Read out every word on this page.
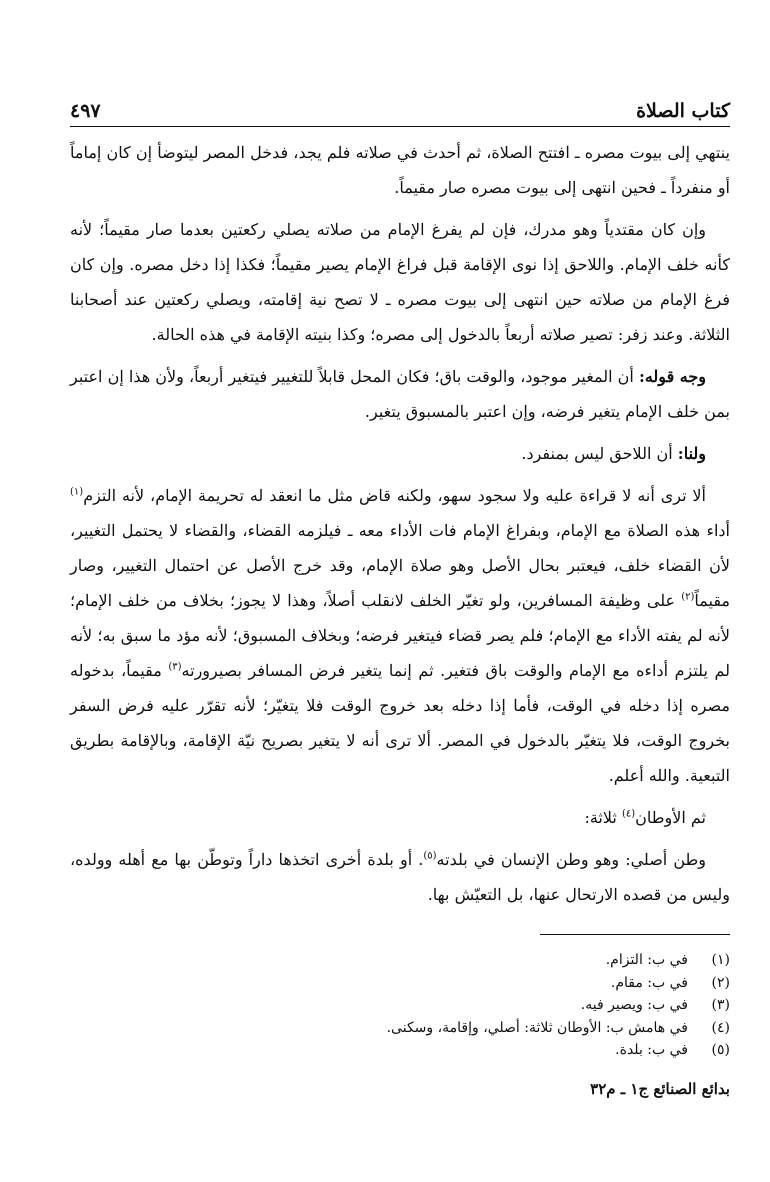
كتاب الصلاة
٤٩٧

ينتهي إلى بيوت مصره ـ افتتح الصلاة، ثم أحدث في صلاته فلم يجد، فدخل المصر ليتوضأ إن كان إماماً أو منفرداً ـ فحين انتهى إلى بيوت مصره صار مقيماً.

وإن كان مقتدياً وهو مدرك، فإن لم يفرغ الإمام من صلاته يصلي ركعتين بعدما صار مقيماً؛ لأنه كأنه خلف الإمام. واللاحق إذا نوى الإقامة قبل فراغ الإمام يصير مقيماً؛ فكذا إذا دخل مصره. وإن كان فرغ الإمام من صلاته حين انتهى إلى بيوت مصره ـ لا تصح نية إقامته، ويصلي ركعتين عند أصحابنا الثلاثة. وعند زفر: تصير صلاته أربعاً بالدخول إلى مصره؛ وكذا بنيته الإقامة في هذه الحالة.

وجه قوله: أن المغير موجود، والوقت باق؛ فكان المحل قابلاً للتغيير فيتغير أربعاً، ولأن هذا إن اعتبر بمن خلف الإمام يتغير فرضه، وإن اعتبر بالمسبوق يتغير.

ولنا: أن اللاحق ليس بمنفرد.

ألا ترى أنه لا قراءة عليه ولا سجود سهو، ولكنه قاض مثل ما انعقد له تحريمة الإمام، لأنه التزم$^{(١)}$ أداء هذه الصلاة مع الإمام، وبفراغ الإمام فات الأداء معه ـ فيلزمه القضاء، والقضاء لا يحتمل التغيير، لأن القضاء خلف، فيعتبر بحال الأصل وهو صلاة الإمام، وقد خرج الأصل عن احتمال التغيير، وصار مقيماً$^{(٢)}$ على وظيفة المسافرين، ولو تغيّر الخلف لانقلب أصلاً، وهذا لا يجوز؛ بخلاف من خلف الإمام؛ لأنه لم يفته الأداء مع الإمام؛ فلم يصر قضاء فيتغير فرضه؛ وبخلاف المسبوق؛ لأنه مؤد ما سبق به؛ لأنه لم يلتزم أداءه مع الإمام والوقت باق فتغير. ثم إنما يتغير فرض المسافر بصيرورته$^{(٣)}$ مقيماً، بدخوله مصره إذا دخله في الوقت، فأما إذا دخله بعد خروج الوقت فلا يتغيّر؛ لأنه تقرّر عليه فرض السفر بخروج الوقت، فلا يتغيّر بالدخول في المصر. ألا ترى أنه لا يتغير بصريح نيّة الإقامة، وبالإقامة بطريق التبعية. والله أعلم.

ثم الأوطان$^{(٤)}$ ثلاثة:

وطن أصلي: وهو وطن الإنسان في بلدته$^{(٥)}$. أو بلدة أخرى اتخذها داراً وتوطّن بها مع أهله وولده، وليس من قصده الارتحال عنها، بل التعيّش بها.

(١)
في ب: التزام.
(٢)
في ب: مقام.
(٣)
في ب: ويصير فيه.
(٤)
في هامش ب: الأوطان ثلاثة: أصلي، وإقامة، وسكنى.
(٥)
في ب: بلدة.
بدائع الصنائع ج١ ـ م٣٢
